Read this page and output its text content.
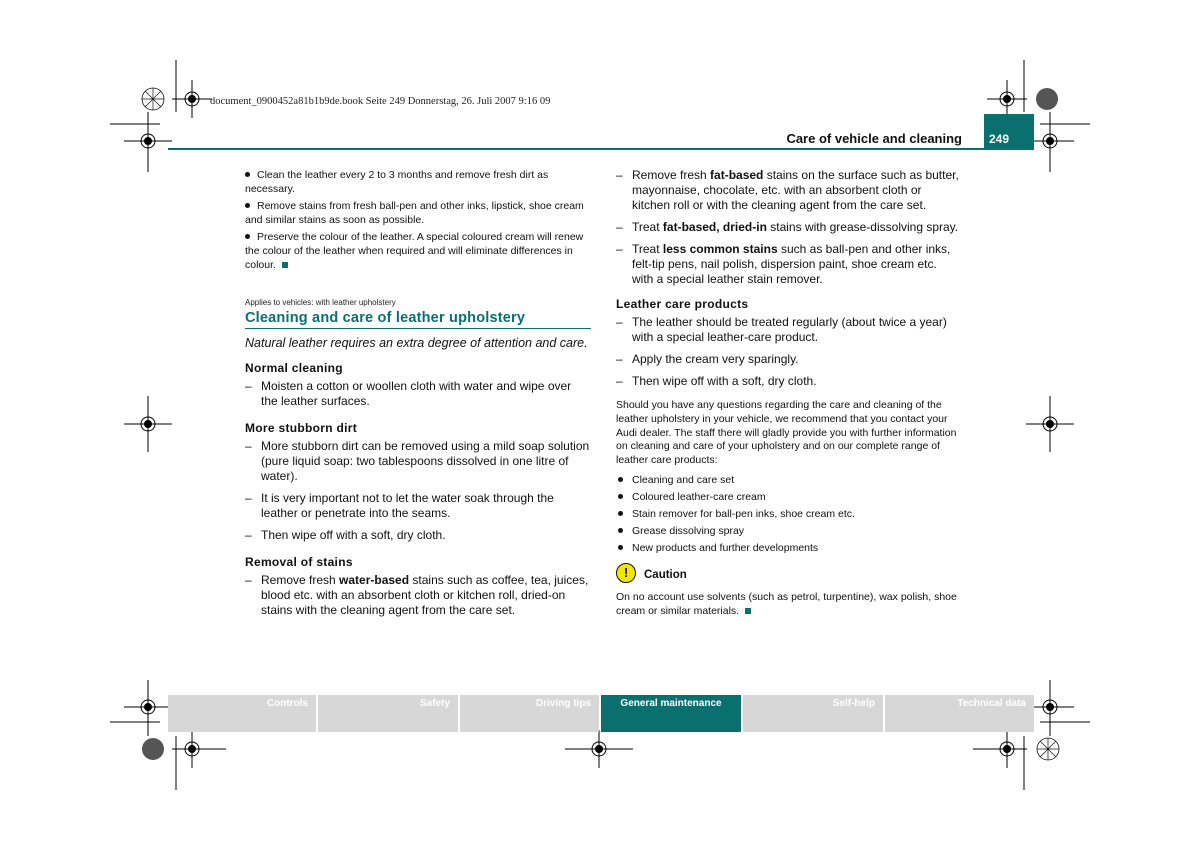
document_0900452a81b1b9de.book Seite 249 Donnerstag, 26. Juli 2007 9:16 09
Care of vehicle and cleaning	249

Clean the leather every 2 to 3 months and remove fresh dirt as necessary.

Remove stains from fresh ball-pen and other inks, lipstick, shoe cream and similar stains as soon as possible.

Preserve the colour of the leather. A special coloured cream will renew the colour of the leather when required and will eliminate differences in colour.

Applies to vehicles: with leather upholstery

Cleaning and care of leather upholstery

Natural leather requires an extra degree of attention and care.

Normal cleaning

– Moisten a cotton or woollen cloth with water and wipe over the leather surfaces.

More stubborn dirt

– More stubborn dirt can be removed using a mild soap solution (pure liquid soap: two tablespoons dissolved in one litre of water).

– It is very important not to let the water soak through the leather or penetrate into the seams.

– Then wipe off with a soft, dry cloth.

Removal of stains

– Remove fresh water-based stains such as coffee, tea, juices, blood etc. with an absorbent cloth or kitchen roll, dried-on stains with the cleaning agent from the care set.

– Remove fresh fat-based stains on the surface such as butter, mayonnaise, chocolate, etc. with an absorbent cloth or kitchen roll or with the cleaning agent from the care set.

– Treat fat-based, dried-in stains with grease-dissolving spray.

– Treat less common stains such as ball-pen and other inks, felt-tip pens, nail polish, dispersion paint, shoe cream etc. with a special leather stain remover.

Leather care products

– The leather should be treated regularly (about twice a year) with a special leather-care product.

– Apply the cream very sparingly.

– Then wipe off with a soft, dry cloth.

Should you have any questions regarding the care and cleaning of the leather upholstery in your vehicle, we recommend that you contact your Audi dealer. The staff there will gladly provide you with further information on cleaning and care of your upholstery and on our complete range of leather care products:

Cleaning and care set

Coloured leather-care cream

Stain remover for ball-pen inks, shoe cream etc.

Grease dissolving spray

New products and further developments

!	Caution

On no account use solvents (such as petrol, turpentine), wax polish, shoe cream or similar materials.

Controls	Safety	Driving tips	General maintenance	Self-help	Technical data
